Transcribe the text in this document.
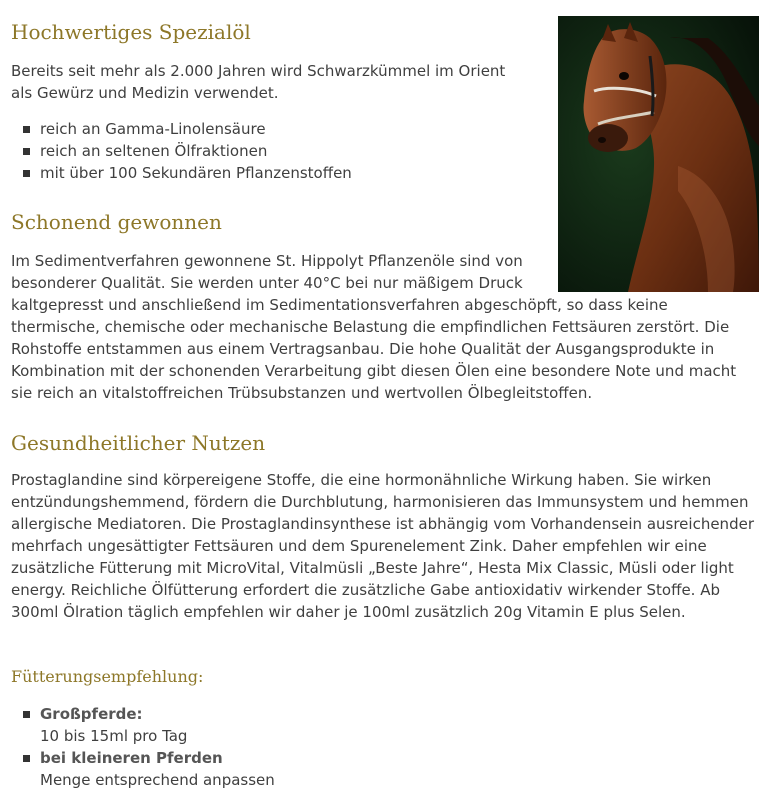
Hochwertiges Spezialöl

Bereits seit mehr als 2.000 Jahren wird Schwarzkümmel im Orient als Gewürz und Medizin verwendet.

reich an Gamma-Linolensäure
reich an seltenen Ölfraktionen
mit über 100 Sekundären Pflanzenstoffen
Schonend gewonnen

Im Sedimentverfahren gewonnene St. Hippolyt Pflanzenöle sind von besonderer Qualität. Sie werden unter 40°C bei nur mäßigem Druck kaltgepresst und anschließend im Sedimentationsverfahren abgeschöpft, so dass keine thermische, chemische oder mechanische Belastung die empfindlichen Fettsäuren zerstört. Die Rohstoffe entstammen aus einem Vertragsanbau. Die hohe Qualität der Ausgangsprodukte in Kombination mit der schonenden Verarbeitung gibt diesen Ölen eine besondere Note und macht sie reich an vitalstoffreichen Trübsubstanzen und wertvollen Ölbegleitstoffen.

Gesundheitlicher Nutzen

Prostaglandine sind körpereigene Stoffe, die eine hormonähnliche Wirkung haben. Sie wirken entzündungshemmend, fördern die Durchblutung, harmonisieren das Immunsystem und hemmen allergische Mediatoren. Die Prostaglandinsynthese ist abhängig vom Vorhandensein ausreichender mehrfach ungesättigter Fettsäuren und dem Spurenelement Zink. Daher empfehlen wir eine zusätzliche Fütterung mit MicroVital, Vitalmüsli „Beste Jahre“, Hesta Mix Classic, Müsli oder light energy. Reichliche Ölfütterung erfordert die zusätzliche Gabe antioxidativ wirkender Stoffe. Ab 300ml Ölration täglich empfehlen wir daher je 100ml zusätzlich 20g Vitamin E plus Selen.

Fütterungsempfehlung:
Großpferde:
10 bis 15ml pro Tag
bei kleineren Pferden
Menge entsprechend anpassen
